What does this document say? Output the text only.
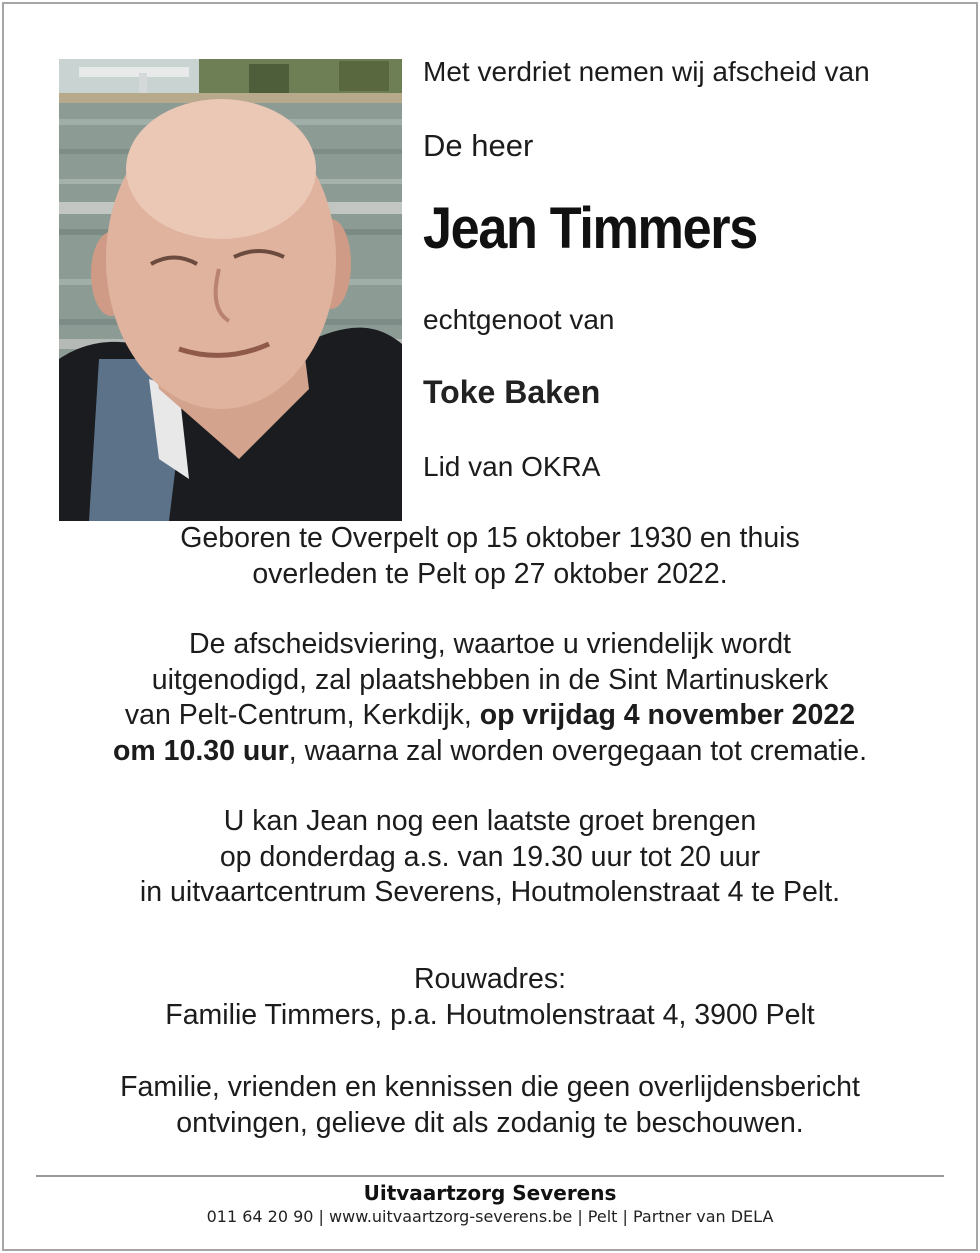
Met verdriet nemen wij afscheid van
De heer
Jean Timmers
echtgenoot van
Toke Baken
Lid van OKRA

Geboren te Overpelt op 15 oktober 1930 en thuis

overleden te Pelt op 27 oktober 2022.

De afscheidsviering, waartoe u vriendelijk wordt

uitgenodigd, zal plaatshebben in de Sint Martinuskerk

van Pelt-Centrum, Kerkdijk, op vrijdag 4 november 2022

om 10.30 uur, waarna zal worden overgegaan tot crematie.

U kan Jean nog een laatste groet brengen

op donderdag a.s. van 19.30 uur tot 20 uur

in uitvaartcentrum Severens, Houtmolenstraat 4 te Pelt.

Rouwadres:

Familie Timmers, p.a. Houtmolenstraat 4, 3900 Pelt

Familie, vrienden en kennissen die geen overlijdensbericht

ontvingen, gelieve dit als zodanig te beschouwen.

Uitvaartzorg Severens
011 64 20 90 | www.uitvaartzorg-severens.be | Pelt | Partner van DELA
